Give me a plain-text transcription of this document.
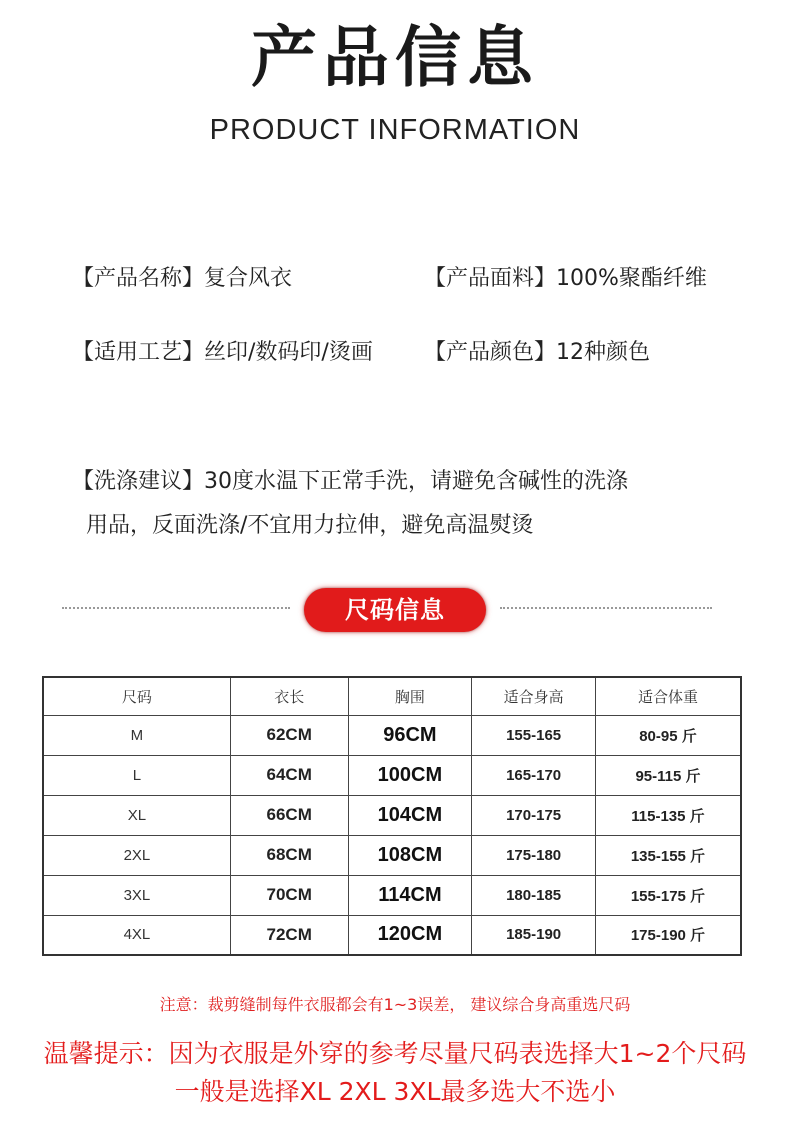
产品信息
PRODUCT INFORMATION
【产品名称】复合风衣	【产品面料】100%聚酯纤维
【适用工艺】丝印/数码印/烫画 【产品颜色】12种颜色
【洗涤建议】30度水温下正常手洗，请避免含碱性的洗涤
用品，反面洗涤/不宜用力拉伸，避免高温熨烫
尺码信息
尺码	衣长	胸围	适合身高	适合体重
M	62CM	96CM	155-165	80-95 斤
L	64CM	100CM	165-170	95-115 斤
XL	66CM	104CM	170-175	115-135 斤
2XL	68CM	108CM	175-180	135-155 斤
3XL	70CM	114CM	180-185	155-175 斤
4XL	72CM	120CM	185-190	175-190 斤
注意：裁剪缝制每件衣服都会有1~3误差， 建议综合身高重选尺码
温馨提示：因为衣服是外穿的参考尽量尺码表选择大1~2个尺码
一般是选择XL 2XL 3XL最多选大不选小
